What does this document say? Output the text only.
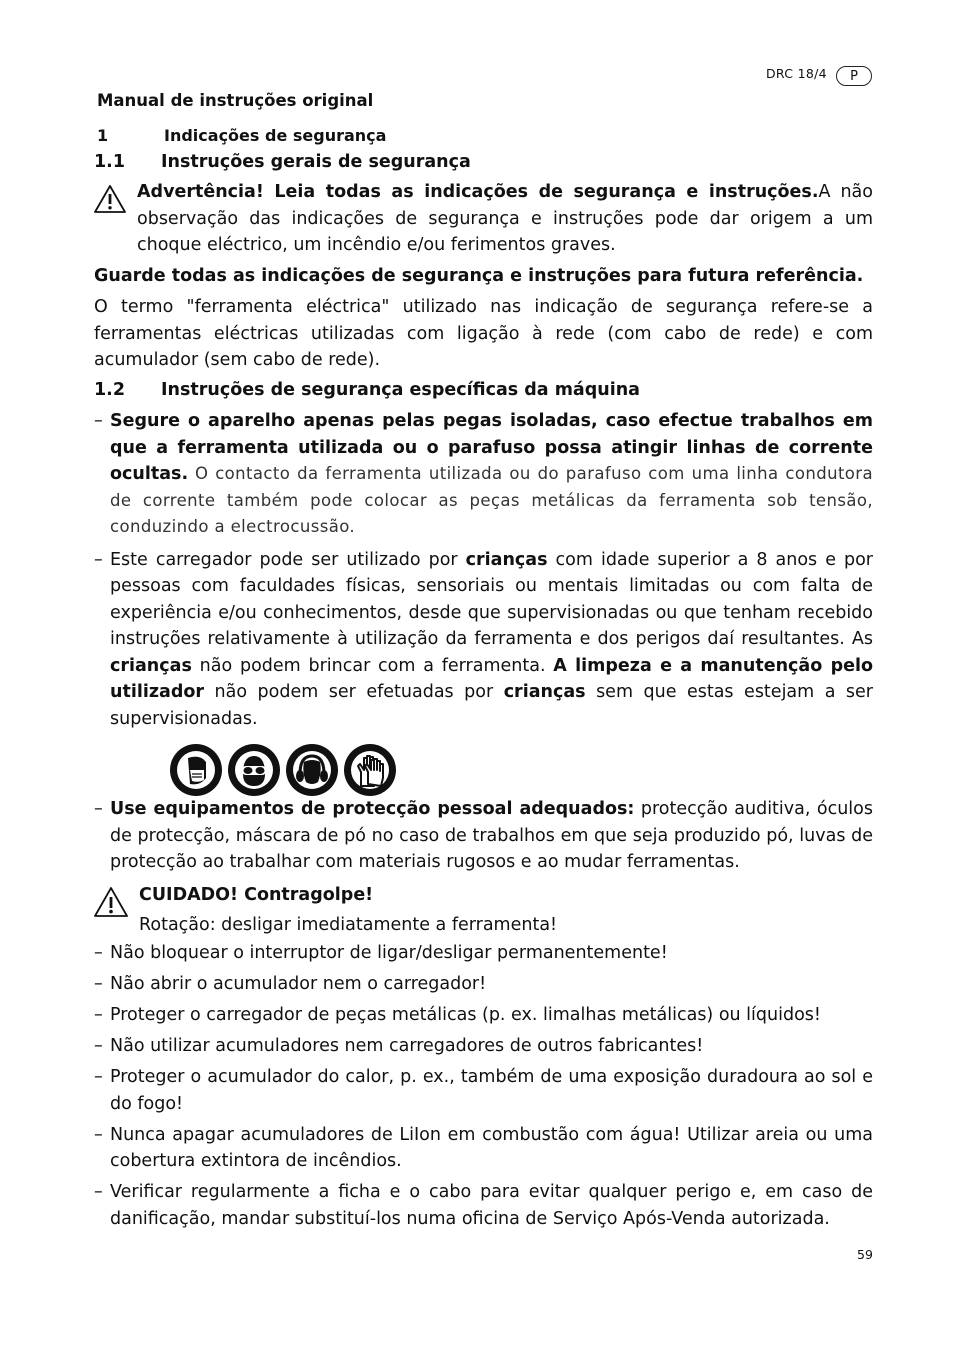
DRC 18/4	P
Manual de instruções original
1	Indicações de segurança
1.1 Instruções gerais de segurança
Advertência! Leia todas as indicações de segurança e instruções.A não observação das indicações de segurança e instruções pode dar origem a um choque eléctrico, um incêndio e/ou ferimentos graves.
Guarde todas as indicações de segurança e instruções para futura referência.
O termo "ferramenta eléctrica" utilizado nas indicação de segurança refere-se a ferramentas eléctricas utilizadas com ligação à rede (com cabo de rede) e com acumulador (sem cabo de rede).
1.2 Instruções de segurança específicas da máquina
– Segure o aparelho apenas pelas pegas isoladas, caso efectue trabalhos em que a ferramenta utilizada ou o parafuso possa atingir linhas de corrente ocultas. O contacto da ferramenta utilizada ou do parafuso com uma linha condutora de corrente também pode colocar as peças metálicas da ferramenta sob tensão, conduzindo a electrocussão.
– Este carregador pode ser utilizado por crianças com idade superior a 8 anos e por pessoas com faculdades físicas, sensoriais ou mentais limitadas ou com falta de experiência e/ou conhecimentos, desde que supervisionadas ou que tenham recebido instruções relativamente à utilização da ferramenta e dos perigos daí resultantes. As crianças não podem brincar com a ferramenta. A limpeza e a manutenção pelo utilizador não podem ser efetuadas por crianças sem que estas estejam a ser supervisionadas.
– Use equipamentos de protecção pessoal adequados: protecção auditiva, óculos de protecção, máscara de pó no caso de trabalhos em que seja produzido pó, luvas de protecção ao trabalhar com materiais rugosos e ao mudar ferramentas.
CUIDADO! Contragolpe!
Rotação: desligar imediatamente a ferramenta!
– Não bloquear o interruptor de ligar/desligar permanentemente!
– Não abrir o acumulador nem o carregador!
– Proteger o carregador de peças metálicas (p. ex. limalhas metálicas) ou líquidos!
– Não utilizar acumuladores nem carregadores de outros fabricantes!
– Proteger o acumulador do calor, p. ex., também de uma exposição duradoura ao sol e do fogo!
– Nunca apagar acumuladores de LiIon em combustão com água! Utilizar areia ou uma cobertura extintora de incêndios.
– Verificar regularmente a ficha e o cabo para evitar qualquer perigo e, em caso de danificação, mandar substituí-los numa oficina de Serviço Após-Venda autorizada.
59
